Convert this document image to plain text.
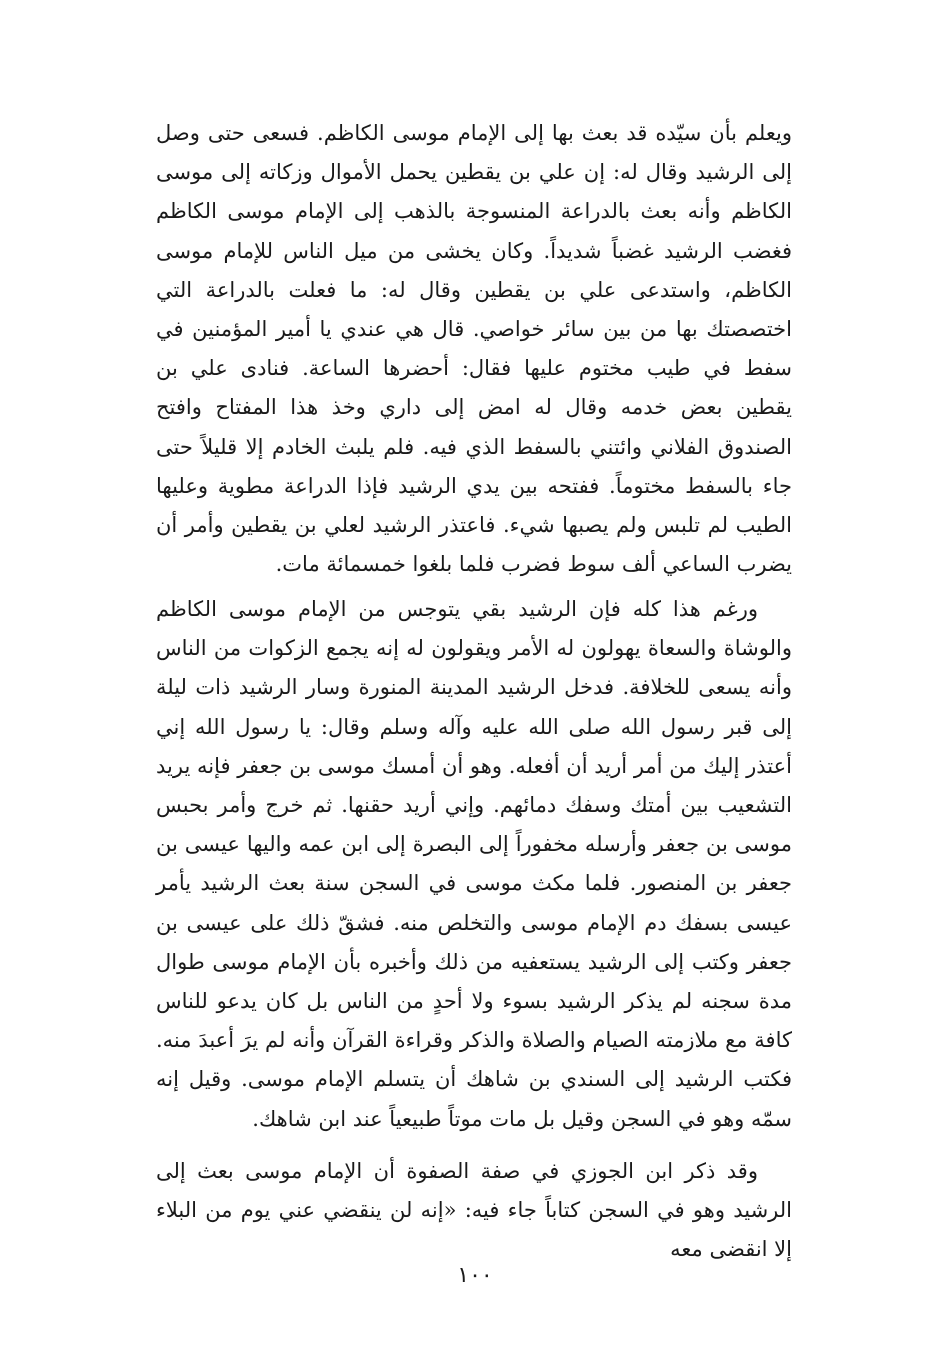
ويعلم بأن سيّده قد بعث بها إلى الإمام موسى الكاظم. فسعى حتى وصل إلى الرشيد وقال له: إن علي بن يقطين يحمل الأموال وزكاته إلى موسى الكاظم وأنه بعث بالدراعة المنسوجة بالذهب إلى الإمام موسى الكاظم فغضب الرشيد غضباً شديداً. وكان يخشى من ميل الناس للإمام موسى الكاظم، واستدعى علي بن يقطين وقال له: ما فعلت بالدراعة التي اختصصتك بها من بين سائر خواصي. قال هي عندي يا أمير المؤمنين في سفط في طيب مختوم عليها فقال: أحضرها الساعة. فنادى علي بن يقطين بعض خدمه وقال له امض إلى داري وخذ هذا المفتاح وافتح الصندوق الفلاني وائتني بالسفط الذي فيه. فلم يلبث الخادم إلا قليلاً حتى جاء بالسفط مختوماً. ففتحه بين يدي الرشيد فإذا الدراعة مطوية وعليها الطيب لم تلبس ولم يصبها شيء. فاعتذر الرشيد لعلي بن يقطين وأمر أن يضرب الساعي ألف سوط فضرب فلما بلغوا خمسمائة مات.

ورغم هذا كله فإن الرشيد بقي يتوجس من الإمام موسى الكاظم والوشاة والسعاة يهولون له الأمر ويقولون له إنه يجمع الزكوات من الناس وأنه يسعى للخلافة. فدخل الرشيد المدينة المنورة وسار الرشيد ذات ليلة إلى قبر رسول الله صلى الله عليه وآله وسلم وقال: يا رسول الله إني أعتذر إليك من أمر أريد أن أفعله. وهو أن أمسك موسى بن جعفر فإنه يريد التشعيب بين أمتك وسفك دمائهم. وإني أريد حقنها. ثم خرج وأمر بحبس موسى بن جعفر وأرسله مخفوراً إلى البصرة إلى ابن عمه واليها عيسى بن جعفر بن المنصور. فلما مكث موسى في السجن سنة بعث الرشيد يأمر عيسى بسفك دم الإمام موسى والتخلص منه. فشقّ ذلك على عيسى بن جعفر وكتب إلى الرشيد يستعفيه من ذلك وأخبره بأن الإمام موسى طوال مدة سجنه لم يذكر الرشيد بسوء ولا أحدٍ من الناس بل كان يدعو للناس كافة مع ملازمته الصيام والصلاة والذكر وقراءة القرآن وأنه لم يرَ أعبدَ منه. فكتب الرشيد إلى السندي بن شاهك أن يتسلم الإمام موسى. وقيل إنه سمّه وهو في السجن وقيل بل مات موتاً طبيعياً عند ابن شاهك.

وقد ذكر ابن الجوزي في صفة الصفوة أن الإمام موسى بعث إلى الرشيد وهو في السجن كتاباً جاء فيه: «إنه لن ينقضي عني يوم من البلاء إلا انقضى معه

١٠٠
